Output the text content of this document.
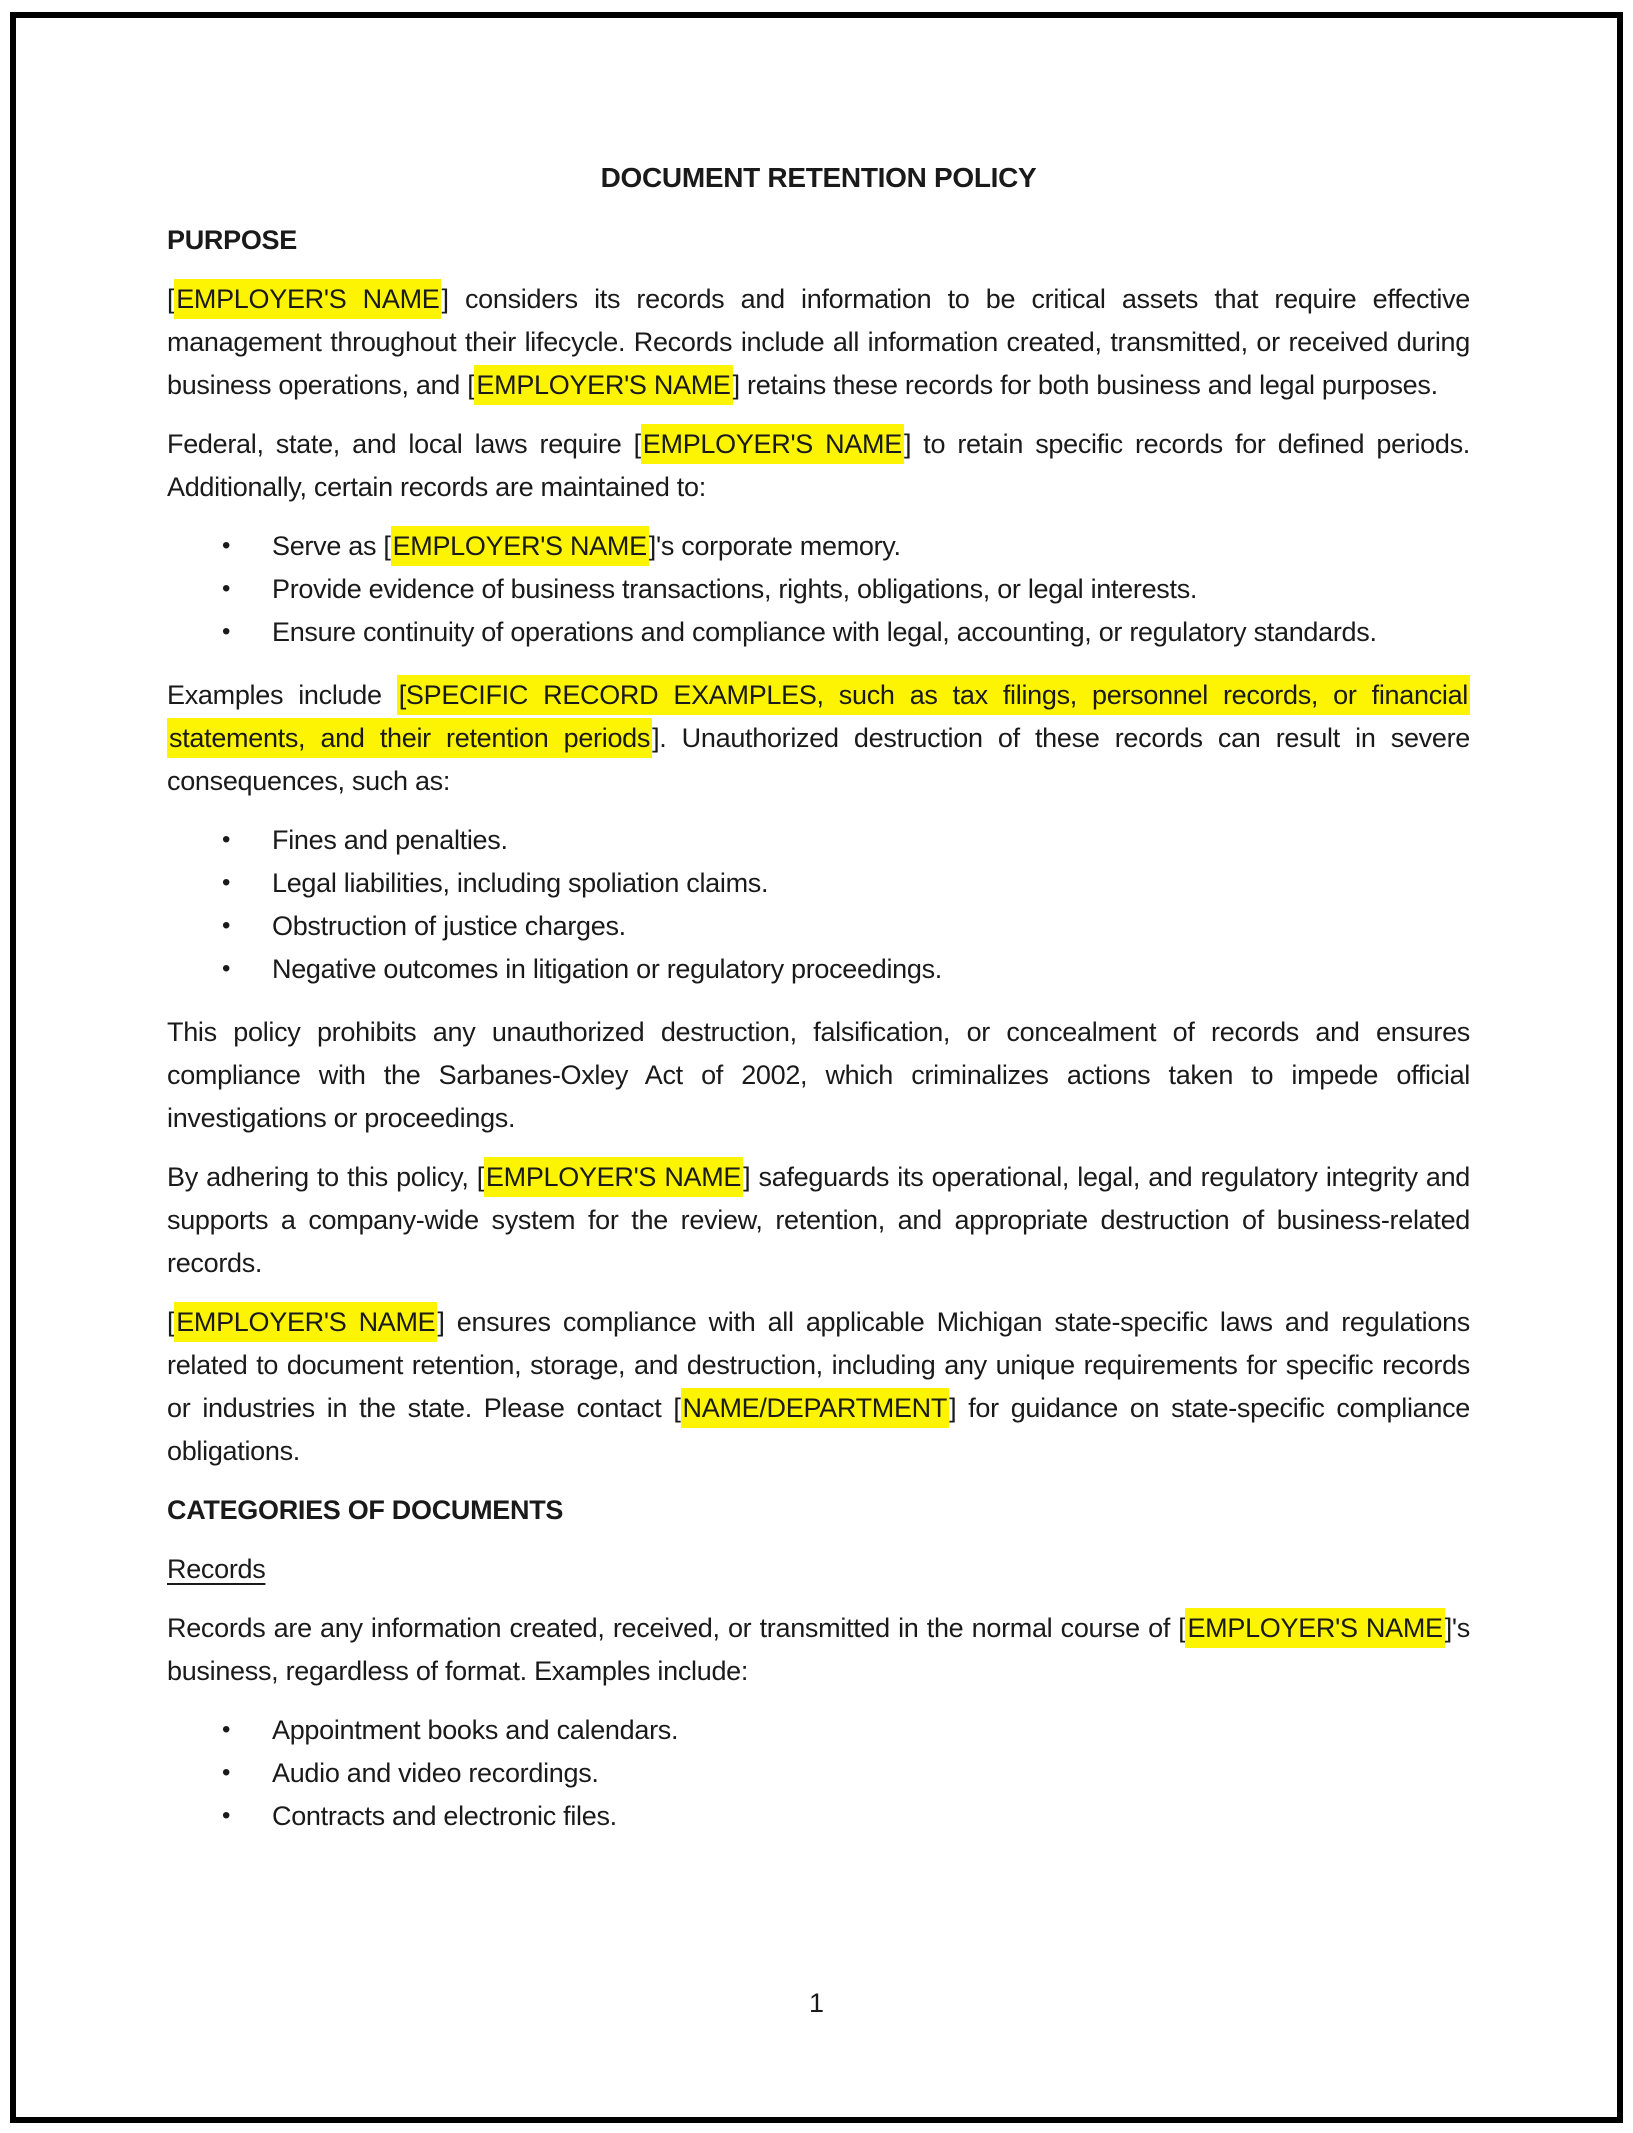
DOCUMENT RETENTION POLICY
PURPOSE

[EMPLOYER'S NAME] considers its records and information to be critical assets that require effective management throughout their lifecycle. Records include all information created, transmitted, or received during business operations, and [EMPLOYER'S NAME] retains these records for both business and legal purposes.

Federal, state, and local laws require [EMPLOYER'S NAME] to retain specific records for defined periods. Additionally, certain records are maintained to:

• Serve as [EMPLOYER'S NAME]'s corporate memory.
• Provide evidence of business transactions, rights, obligations, or legal interests.
• Ensure continuity of operations and compliance with legal, accounting, or regulatory standards.

Examples include [SPECIFIC RECORD EXAMPLES, such as tax filings, personnel records, or financial statements, and their retention periods]. Unauthorized destruction of these records can result in severe consequences, such as:

• Fines and penalties.
• Legal liabilities, including spoliation claims.
• Obstruction of justice charges.
• Negative outcomes in litigation or regulatory proceedings.

This policy prohibits any unauthorized destruction, falsification, or concealment of records and ensures compliance with the Sarbanes-Oxley Act of 2002, which criminalizes actions taken to impede official investigations or proceedings.

By adhering to this policy, [EMPLOYER'S NAME] safeguards its operational, legal, and regulatory integrity and supports a company-wide system for the review, retention, and appropriate destruction of business-related records.

[EMPLOYER'S NAME] ensures compliance with all applicable Michigan state-specific laws and regulations related to document retention, storage, and destruction, including any unique requirements for specific records or industries in the state. Please contact [NAME/DEPARTMENT] for guidance on state-specific compliance obligations.

CATEGORIES OF DOCUMENTS
Records

Records are any information created, received, or transmitted in the normal course of [EMPLOYER'S NAME]'s business, regardless of format. Examples include:

• Appointment books and calendars.
• Audio and video recordings.
• Contracts and electronic files.
1
